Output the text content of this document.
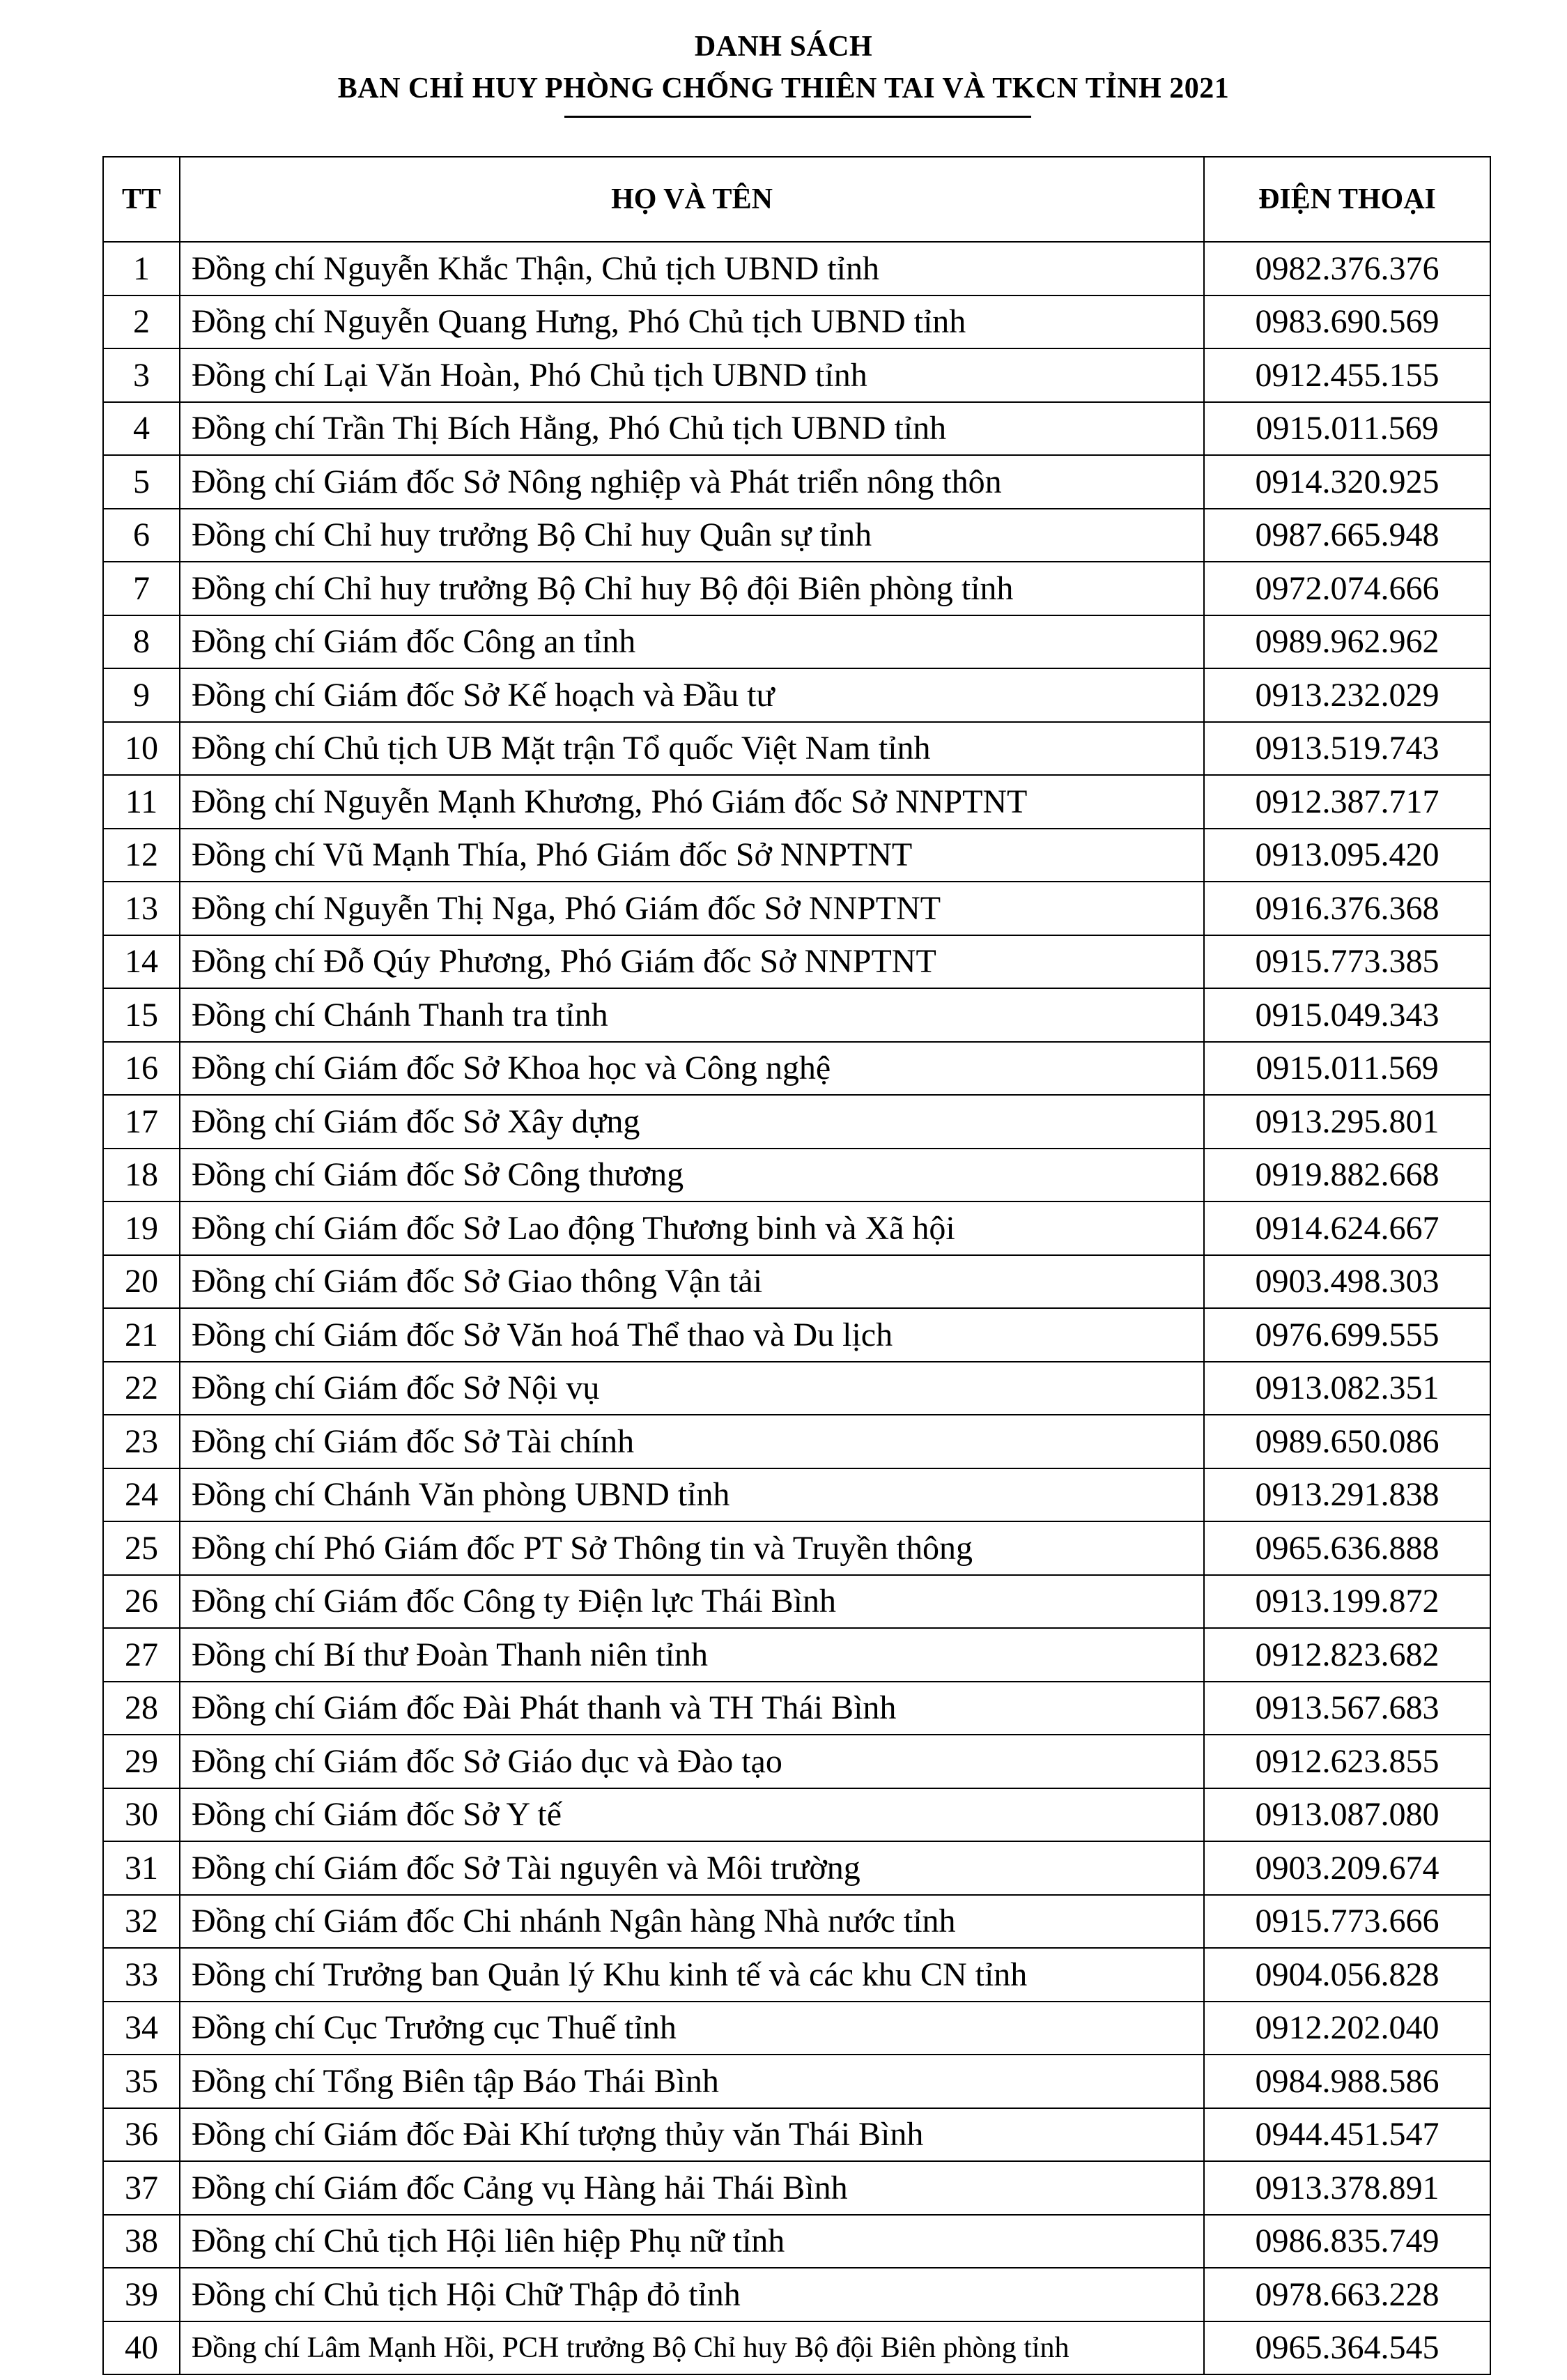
DANH SÁCH
BAN CHỈ HUY PHÒNG CHỐNG THIÊN TAI VÀ TKCN TỈNH 2021
TT	HỌ VÀ TÊN	ĐIỆN THOẠI
1	Đồng chí Nguyễn Khắc Thận, Chủ tịch UBND tỉnh	0982.376.376
2	Đồng chí Nguyễn Quang Hưng, Phó Chủ tịch UBND tỉnh	0983.690.569
3	Đồng chí Lại Văn Hoàn, Phó Chủ tịch UBND tỉnh	0912.455.155
4	Đồng chí Trần Thị Bích Hằng, Phó Chủ tịch UBND tỉnh	0915.011.569
5	Đồng chí Giám đốc Sở Nông nghiệp và Phát triển nông thôn	0914.320.925
6	Đồng chí Chỉ huy trưởng Bộ Chỉ huy Quân sự tỉnh	0987.665.948
7	Đồng chí Chỉ huy trưởng Bộ Chỉ huy Bộ đội Biên phòng tỉnh	0972.074.666
8	Đồng chí Giám đốc Công an tỉnh	0989.962.962
9	Đồng chí Giám đốc Sở Kế hoạch và Đầu tư	0913.232.029
10	Đồng chí Chủ tịch UB Mặt trận Tổ quốc Việt Nam tỉnh	0913.519.743
11	Đồng chí Nguyễn Mạnh Khương, Phó Giám đốc Sở NNPTNT	0912.387.717
12	Đồng chí Vũ Mạnh Thía, Phó Giám đốc Sở NNPTNT	0913.095.420
13	Đồng chí Nguyễn Thị Nga, Phó Giám đốc Sở NNPTNT	0916.376.368
14	Đồng chí Đỗ Qúy Phương, Phó Giám đốc Sở NNPTNT	0915.773.385
15	Đồng chí Chánh Thanh tra tỉnh	0915.049.343
16	Đồng chí Giám đốc Sở Khoa học và Công nghệ	0915.011.569
17	Đồng chí Giám đốc Sở Xây dựng	0913.295.801
18	Đồng chí Giám đốc Sở Công thương	0919.882.668
19	Đồng chí Giám đốc Sở Lao động Thương binh và Xã hội	0914.624.667
20	Đồng chí Giám đốc Sở Giao thông Vận tải	0903.498.303
21	Đồng chí Giám đốc Sở Văn hoá Thể thao và Du lịch	0976.699.555
22	Đồng chí Giám đốc Sở Nội vụ	0913.082.351
23	Đồng chí Giám đốc Sở Tài chính	0989.650.086
24	Đồng chí Chánh Văn phòng UBND tỉnh	0913.291.838
25	Đồng chí Phó Giám đốc PT Sở Thông tin và Truyền thông	0965.636.888
26	Đồng chí Giám đốc Công ty Điện lực Thái Bình	0913.199.872
27	Đồng chí Bí thư Đoàn Thanh niên tỉnh	0912.823.682
28	Đồng chí Giám đốc Đài Phát thanh và TH Thái Bình	0913.567.683
29	Đồng chí Giám đốc Sở Giáo dục và Đào tạo	0912.623.855
30	Đồng chí Giám đốc Sở Y tế	0913.087.080
31	Đồng chí Giám đốc Sở Tài nguyên và Môi trường	0903.209.674
32	Đồng chí Giám đốc Chi nhánh Ngân hàng Nhà nước tỉnh	0915.773.666
33	Đồng chí Trưởng ban Quản lý Khu kinh tế và các khu CN tỉnh	0904.056.828
34	Đồng chí Cục Trưởng cục Thuế tỉnh	0912.202.040
35	Đồng chí Tổng Biên tập Báo Thái Bình	0984.988.586
36	Đồng chí Giám đốc Đài Khí tượng thủy văn Thái Bình	0944.451.547
37	Đồng chí Giám đốc Cảng vụ Hàng hải Thái Bình	0913.378.891
38	Đồng chí Chủ tịch Hội liên hiệp Phụ nữ tỉnh	0986.835.749
39	Đồng chí Chủ tịch Hội Chữ Thập đỏ tỉnh	0978.663.228
40	Đồng chí Lâm Mạnh Hồi, PCH trưởng Bộ Chỉ huy Bộ đội Biên phòng tỉnh	0965.364.545
